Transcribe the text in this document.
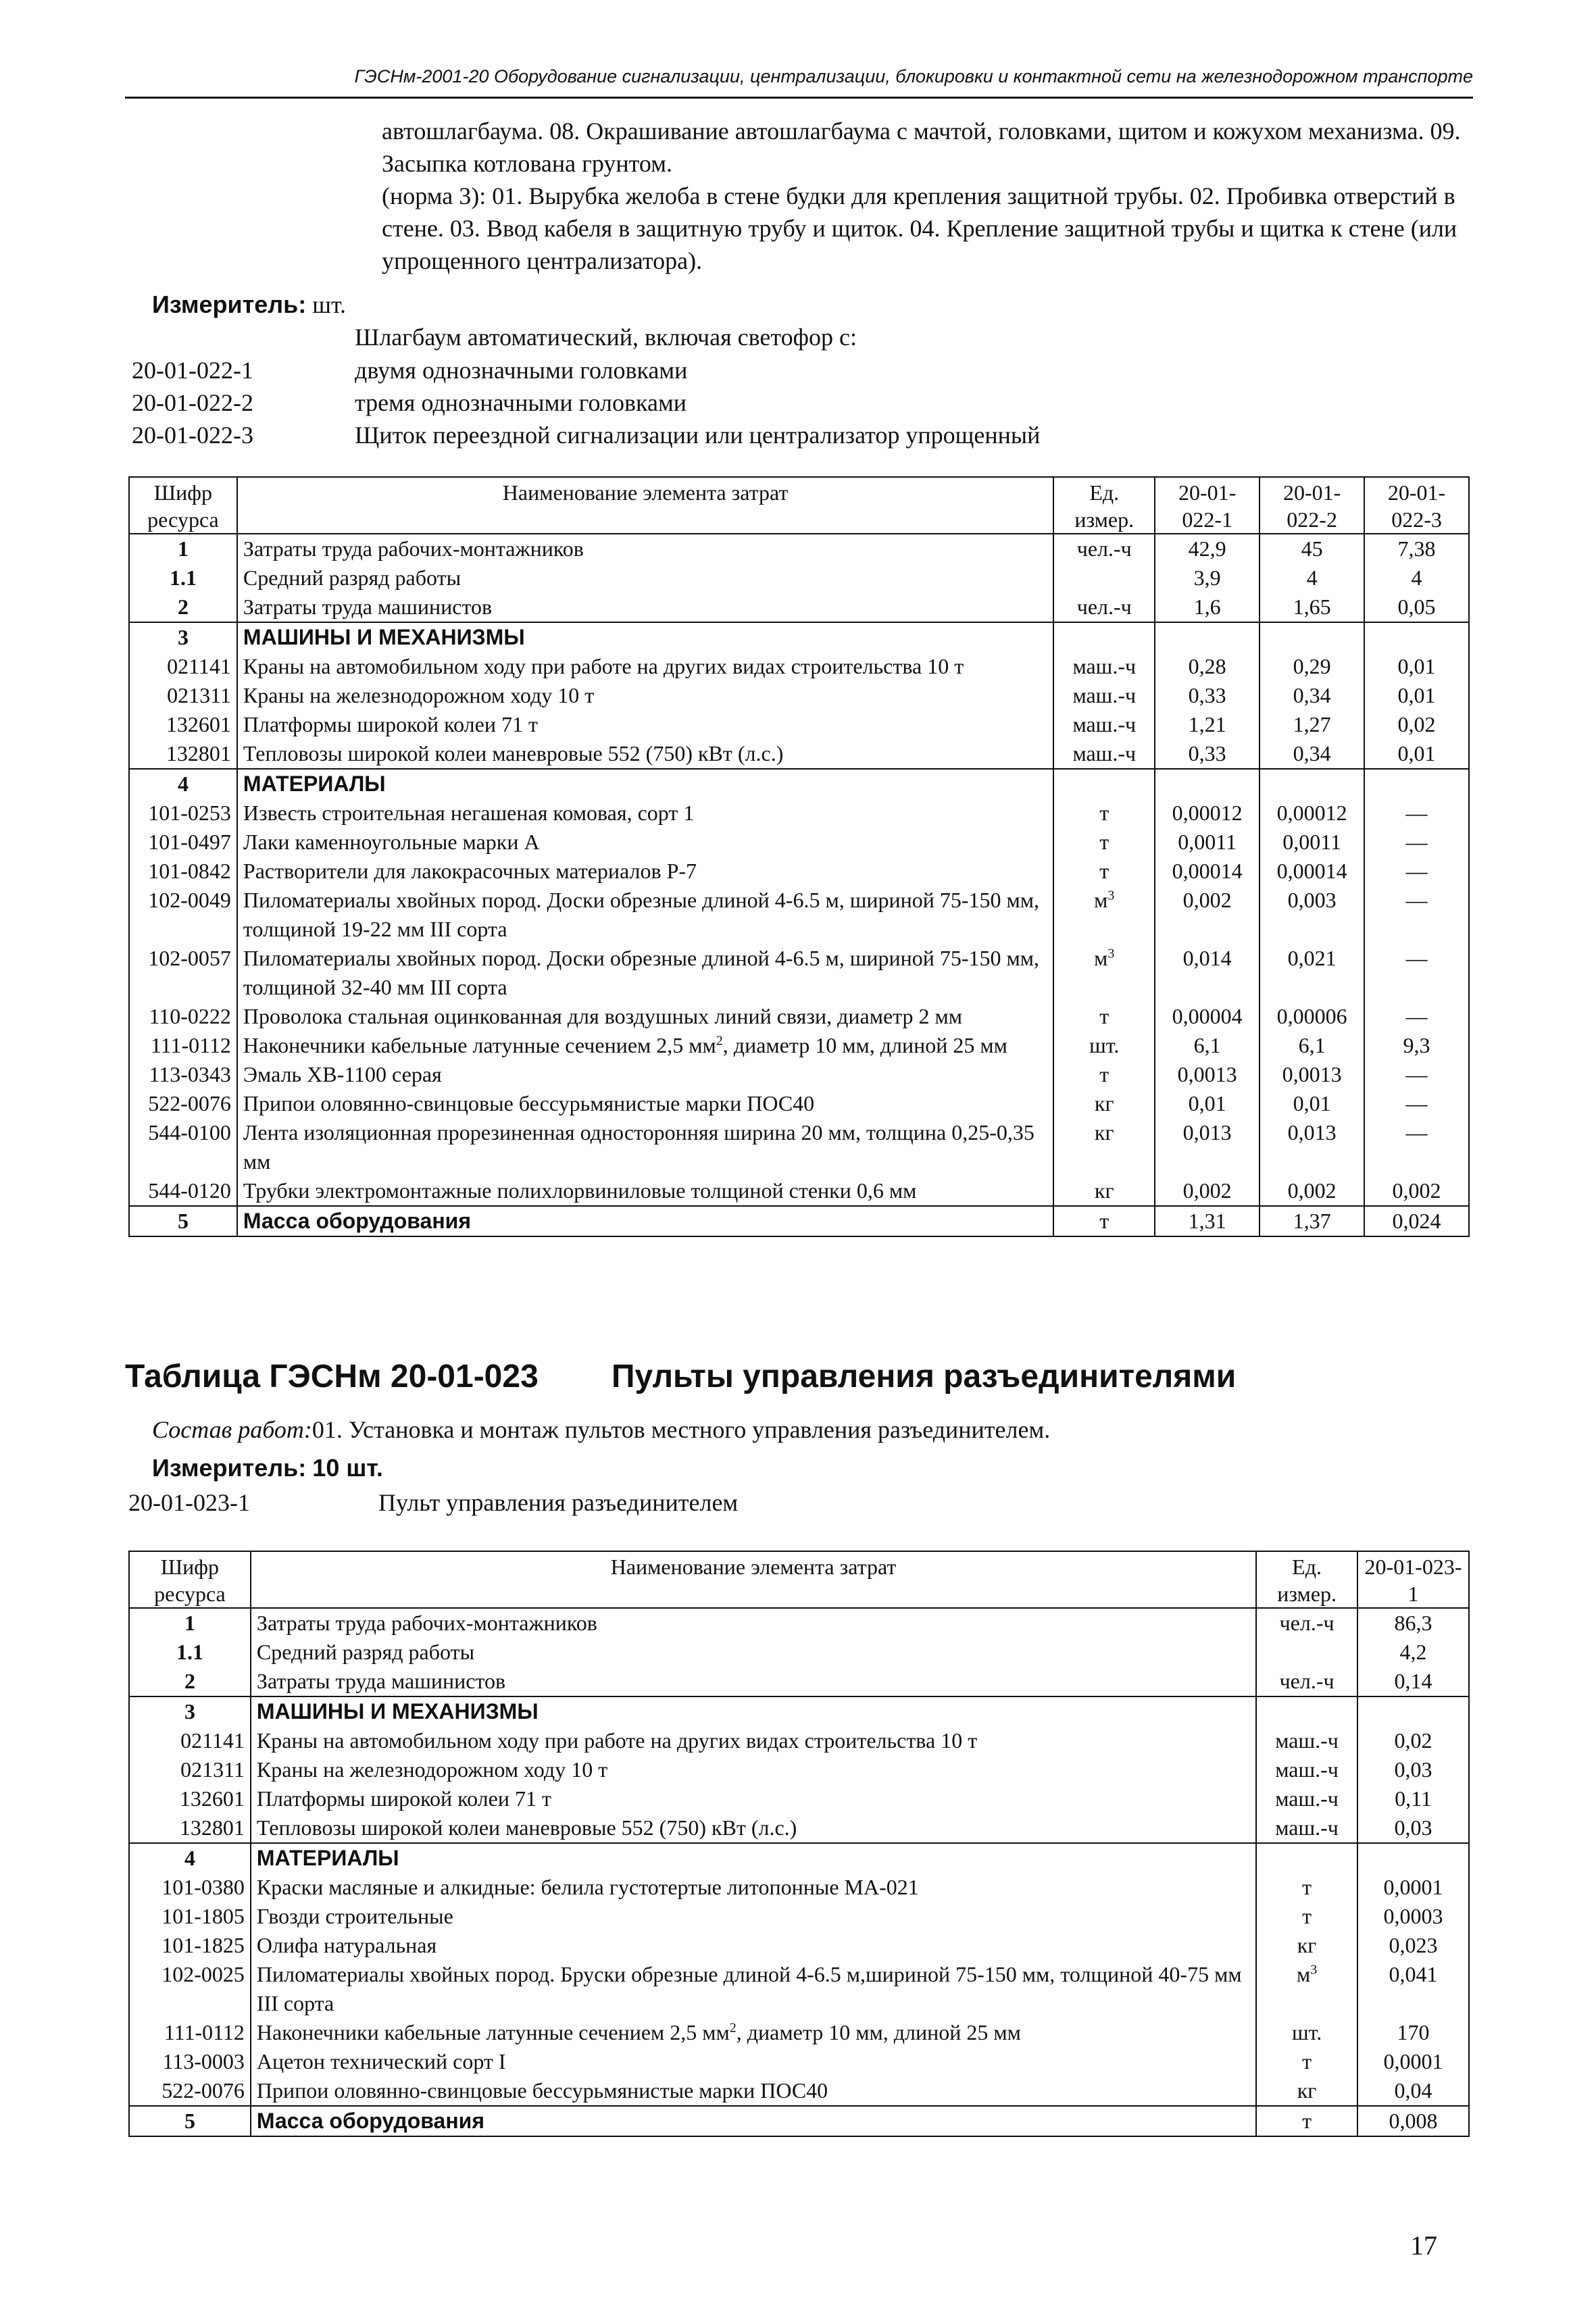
ГЭСНм-2001-20 Оборудование сигнализации, централизации, блокировки и контактной сети на железнодорожном транспорте

автошлагбаума. 08. Окрашивание автошлагбаума с мачтой, головками, щитом и кожухом механизма. 09. Засыпка котлована грунтом.

(норма 3): 01. Вырубка желоба в стене будки для крепления защитной трубы. 02. Пробивка отверстий в стене. 03. Ввод кабеля в защитную трубу и щиток. 04. Крепление защитной трубы и щитка к стене (или упрощенного централизатора).

Измеритель: шт.
Шлагбаум автоматический, включая светофор с:
20-01-022-1	двумя однозначными головками
20-01-022-2	тремя однозначными головками
20-01-022-3	Щиток переездной сигнализации или централизатор упрощенный
Шифр ресурса	Наименование элемента затрат	Ед. измер.	20-01-022-1	20-01-022-2	20-01-022-3
1	Затраты труда рабочих-монтажников	чел.-ч	42,9	45	7,38
1.1	Средний разряд работы		3,9	4	4
2	Затраты труда машинистов	чел.-ч	1,6	1,65	0,05
3	МАШИНЫ И МЕХАНИЗМЫ				
021141	Краны на автомобильном ходу при работе на других видах строительства 10 т	маш.-ч	0,28	0,29	0,01
021311	Краны на железнодорожном ходу 10 т	маш.-ч	0,33	0,34	0,01
132601	Платформы широкой колеи 71 т	маш.-ч	1,21	1,27	0,02
132801	Тепловозы широкой колеи маневровые 552 (750) кВт (л.с.)	маш.-ч	0,33	0,34	0,01
4	МАТЕРИАЛЫ				
101-0253	Известь строительная негашеная комовая, сорт 1	т	0,00012	0,00012	—
101-0497	Лаки каменноугольные марки А	т	0,0011	0,0011	—
101-0842	Растворители для лакокрасочных материалов Р-7	т	0,00014	0,00014	—
102-0049	Пиломатериалы хвойных пород. Доски обрезные длиной 4-6.5 м, шириной 75-150 мм, толщиной 19-22 мм III сорта	$м^3$	0,002	0,003	—
102-0057	Пиломатериалы хвойных пород. Доски обрезные длиной 4-6.5 м, шириной 75-150 мм, толщиной 32-40 мм III сорта	$м^3$	0,014	0,021	—
110-0222	Проволока стальная оцинкованная для воздушных линий связи, диаметр 2 мм	т	0,00004	0,00006	—
111-0112	Наконечники кабельные латунные сечением 2,5 $мм^2$, диаметр 10 мм, длиной 25 мм	шт.	6,1	6,1	9,3
113-0343	Эмаль ХВ-1100 серая	т	0,0013	0,0013	—
522-0076	Припои оловянно-свинцовые бессурьмянистые марки ПОС40	кг	0,01	0,01	—
544-0100	Лента изоляционная прорезиненная односторонняя ширина 20 мм, толщина 0,25-0,35 мм	кг	0,013	0,013	—
544-0120	Трубки электромонтажные полихлорвиниловые толщиной стенки 0,6 мм	кг	0,002	0,002	0,002
5	Масса оборудования	т	1,31	1,37	0,024
Таблица ГЭСНм 20-01-023 Пульты управления разъединителями
Состав работ:01. Установка и монтаж пультов местного управления разъединителем.
Измеритель: 10 шт.
20-01-023-1	Пульт управления разъединителем
Шифр ресурса	Наименование элемента затрат	Ед. измер.	20-01-023-1
1	Затраты труда рабочих-монтажников	чел.-ч	86,3
1.1	Средний разряд работы		4,2
2	Затраты труда машинистов	чел.-ч	0,14
3	МАШИНЫ И МЕХАНИЗМЫ		
021141	Краны на автомобильном ходу при работе на других видах строительства 10 т	маш.-ч	0,02
021311	Краны на железнодорожном ходу 10 т	маш.-ч	0,03
132601	Платформы широкой колеи 71 т	маш.-ч	0,11
132801	Тепловозы широкой колеи маневровые 552 (750) кВт (л.с.)	маш.-ч	0,03
4	МАТЕРИАЛЫ		
101-0380	Краски масляные и алкидные: белила густотертые литопонные МА-021	т	0,0001
101-1805	Гвозди строительные	т	0,0003
101-1825	Олифа натуральная	кг	0,023
102-0025	Пиломатериалы хвойных пород. Бруски обрезные длиной 4-6.5 м,шириной 75-150 мм, толщиной 40-75 мм III сорта	$м^3$	0,041
111-0112	Наконечники кабельные латунные сечением 2,5 $мм^2$, диаметр 10 мм, длиной 25 мм	шт.	170
113-0003	Ацетон технический сорт I	т	0,0001
522-0076	Припои оловянно-свинцовые бессурьмянистые марки ПОС40	кг	0,04
5	Масса оборудования	т	0,008
17
